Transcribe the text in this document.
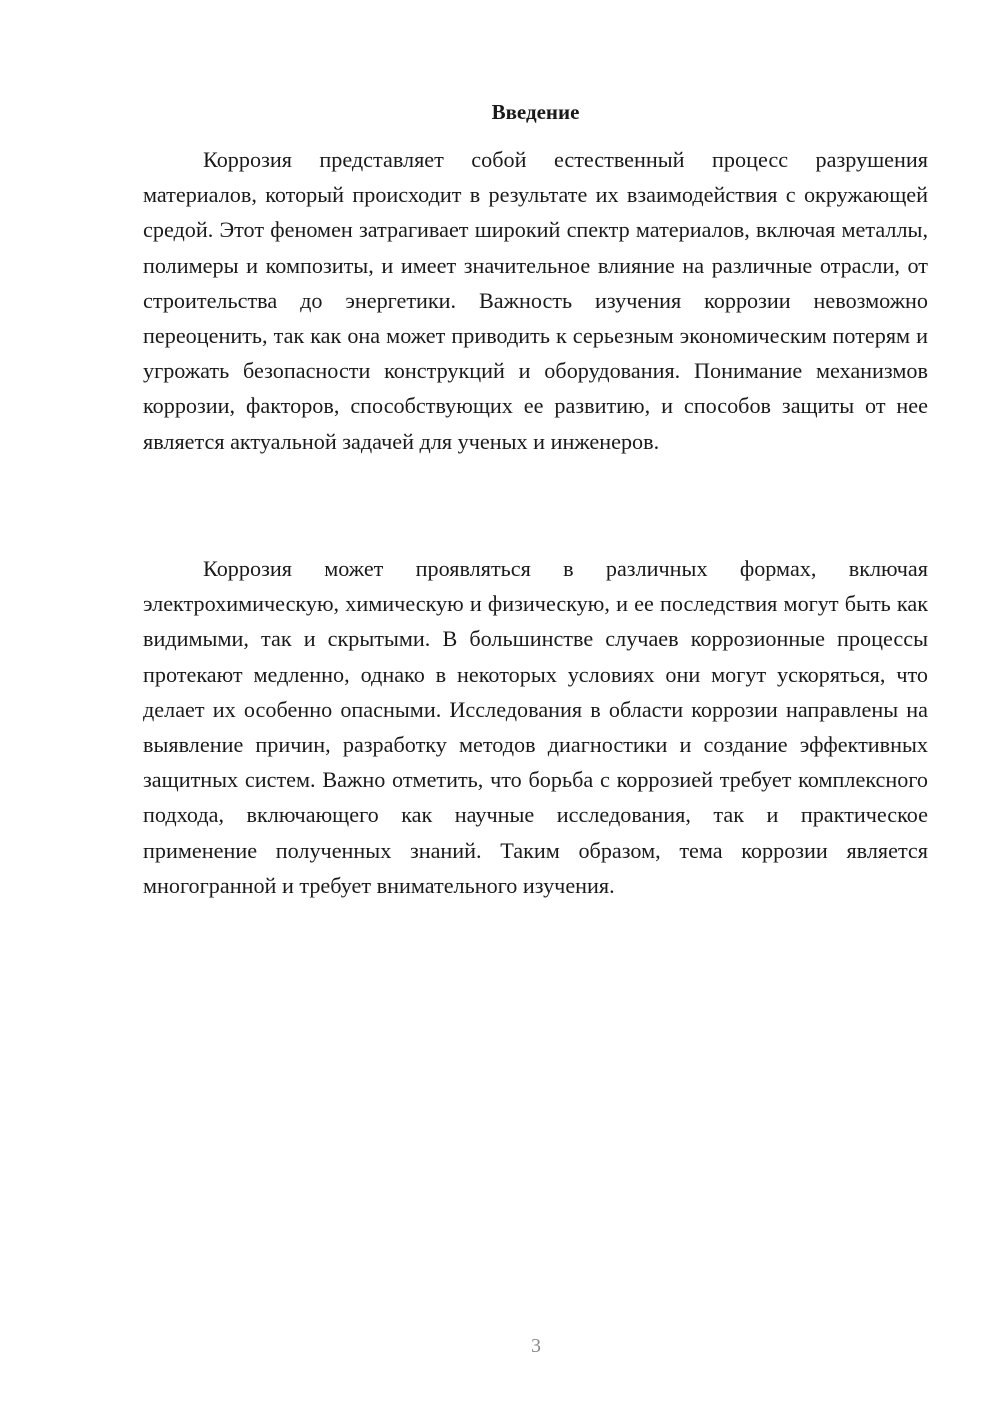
Введение

Коррозия представляет собой естественный процесс разрушения материалов, который происходит в результате их взаимодействия с окружающей средой. Этот феномен затрагивает широкий спектр материалов, включая металлы, полимеры и композиты, и имеет значительное влияние на различные отрасли, от строительства до энергетики. Важность изучения коррозии невозможно переоценить, так как она может приводить к серьезным экономическим потерям и угрожать безопасности конструкций и оборудования. Понимание механизмов коррозии, факторов, способствующих ее развитию, и способов защиты от нее является актуальной задачей для ученых и инженеров.

Коррозия может проявляться в различных формах, включая электрохимическую, химическую и физическую, и ее последствия могут быть как видимыми, так и скрытыми. В большинстве случаев коррозионные процессы протекают медленно, однако в некоторых условиях они могут ускоряться, что делает их особенно опасными. Исследования в области коррозии направлены на выявление причин, разработку методов диагностики и создание эффективных защитных систем. Важно отметить, что борьба с коррозией требует комплексного подхода, включающего как научные исследования, так и практическое применение полученных знаний. Таким образом, тема коррозии является многогранной и требует внимательного изучения.

3
